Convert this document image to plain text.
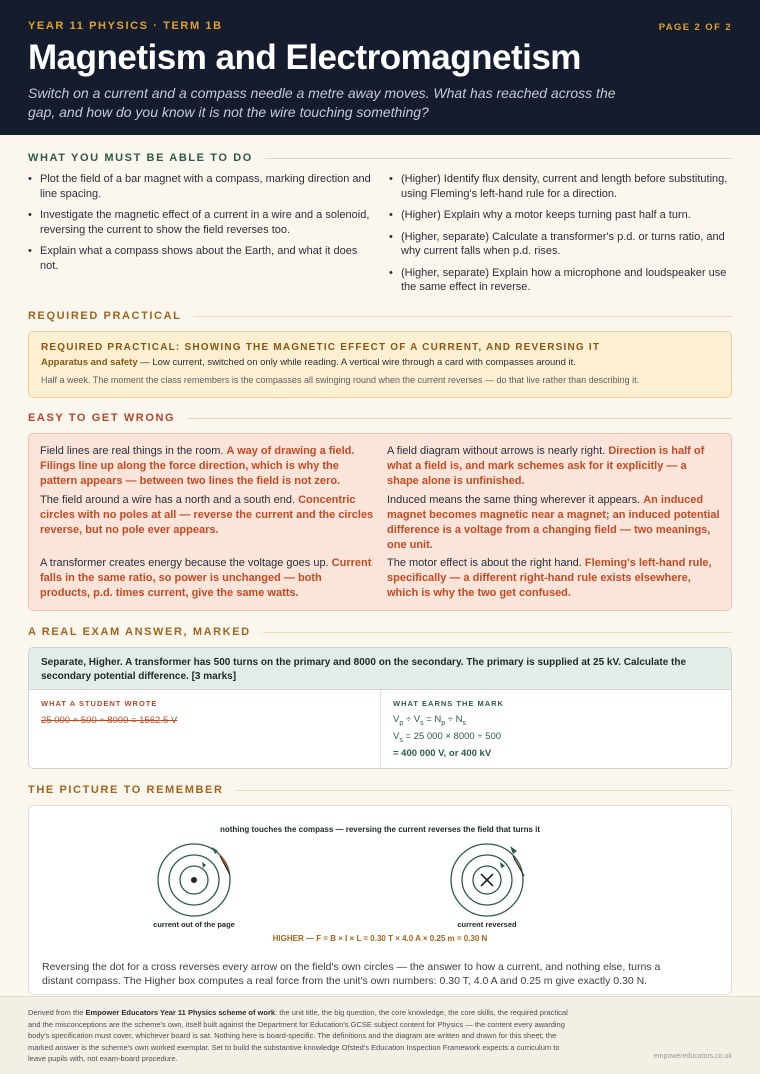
YEAR 11 PHYSICS · TERM 1B	PAGE 2 OF 2
Magnetism and Electromagnetism
Switch on a current and a compass needle a metre away moves. What has reached across the gap, and how do you know it is not the wire touching something?
WHAT YOU MUST BE ABLE TO DO
• Plot the field of a bar magnet with a compass, marking direction and line spacing.
• Investigate the magnetic effect of a current in a wire and a solenoid, reversing the current to show the field reverses too.
• Explain what a compass shows about the Earth, and what it does not.
• (Higher) Identify flux density, current and length before substituting, using Fleming's left-hand rule for a direction.
• (Higher) Explain why a motor keeps turning past half a turn.
• (Higher, separate) Calculate a transformer's p.d. or turns ratio, and why current falls when p.d. rises.
• (Higher, separate) Explain how a microphone and loudspeaker use the same effect in reverse.
REQUIRED PRACTICAL
REQUIRED PRACTICAL: SHOWING THE MAGNETIC EFFECT OF A CURRENT, AND REVERSING IT
Apparatus and safety — Low current, switched on only while reading. A vertical wire through a card with compasses around it.
Half a week. The moment the class remembers is the compasses all swinging round when the current reverses — do that live rather than describing it.
EASY TO GET WRONG
Field lines are real things in the room. A way of drawing a field. Filings line up along the force direction, which is why the pattern appears — between two lines the field is not zero.
A field diagram without arrows is nearly right. Direction is half of what a field is, and mark schemes ask for it explicitly — a shape alone is unfinished.
The field around a wire has a north and a south end. Concentric circles with no poles at all — reverse the current and the circles reverse, but no pole ever appears.
Induced means the same thing wherever it appears. An induced magnet becomes magnetic near a magnet; an induced potential difference is a voltage from a changing field — two meanings, one unit.
A transformer creates energy because the voltage goes up. Current falls in the same ratio, so power is unchanged — both products, p.d. times current, give the same watts.
The motor effect is about the right hand. Fleming's left-hand rule, specifically — a different right-hand rule exists elsewhere, which is why the two get confused.
A REAL EXAM ANSWER, MARKED
Separate, Higher. A transformer has 500 turns on the primary and 8000 on the secondary. The primary is supplied at 25 kV. Calculate the secondary potential difference. [3 marks]
WHAT A STUDENT WROTE
25 000 × 500 ÷ 8000 = 1562.5 V
WHAT EARNS THE MARK
$V_p \div V_s = N_p \div N_s$
$V_s = 25$ 000 × 8000 ÷ 500
= 400 000 V, or 400 kV
THE PICTURE TO REMEMBER
nothing touches the compass — reversing the current reverses the field that turns it
current out of the page	current reversed
HIGHER — F = B × I × L = 0.30 T × 4.0 A × 0.25 m = 0.30 N
Reversing the dot for a cross reverses every arrow on the field's own circles — the answer to how a current, and nothing else, turns a distant compass. The Higher box computes a real force from the unit's own numbers: 0.30 T, 4.0 A and 0.25 m give exactly 0.30 N.
Derived from the Empower Educators Year 11 Physics scheme of work: the unit title, the big question, the core knowledge, the core skills, the required practical and the misconceptions are the scheme's own, itself built against the Department for Education's GCSE subject content for Physics — the content every awarding body's specification must cover, whichever board is sat. Nothing here is board-specific. The definitions and the diagram are written and drawn for this sheet; the marked answer is the scheme's own worked exemplar. Set to build the substantive knowledge Ofsted's Education Inspection Framework expects a curriculum to leave pupils with, not exam-board procedure.	empowereducators.co.uk
